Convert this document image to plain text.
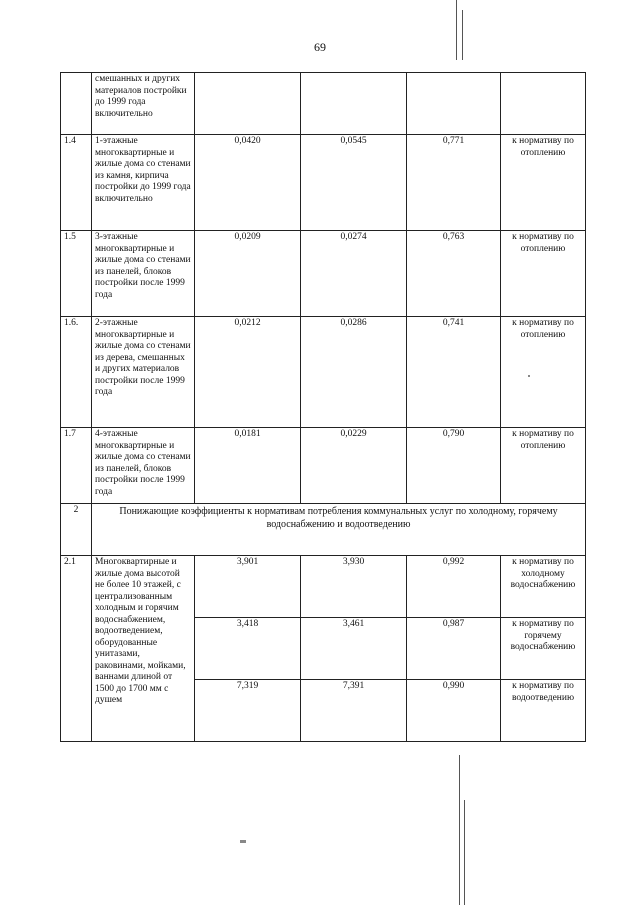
69
	смешанных и других материалов постройки до 1999 года включительно				
1.4	1-этажные многоквартирные и жилые дома со стенами из камня, кирпича постройки до 1999 года включительно	0,0420	0,0545	0,771	к нормативу по отоплению
1.5	3-этажные многоквартирные и жилые дома со стенами из панелей, блоков постройки после 1999 года	0,0209	0,0274	0,763	к нормативу по отоплению
1.6.	2-этажные многоквартирные и жилые дома со стенами из дерева, смешанных и других материалов постройки после 1999 года	0,0212	0,0286	0,741	к нормативу по отоплению
1.7	4-этажные многоквартирные и жилые дома со стенами из панелей, блоков постройки после 1999 года	0,0181	0,0229	0,790	к нормативу по отоплению
2	Понижающие коэффициенты к нормативам потребления коммунальных услуг по холодному, горячему водоснабжению и водоотведению				
2.1	Многоквартирные и жилые дома высотой не более 10 этажей, с централизованным холодным и горячим водоснабжением, водоотведением, оборудованные унитазами, раковинами, мойками, ваннами длиной от 1500 до 1700 мм с душем	3,901	3,930	0,992	к нормативу по холодному водоснабжению
		3,418	3,461	0,987	к нормативу по горячему водоснабжению
		7,319	7,391	0,990	к нормативу по водоотведению
